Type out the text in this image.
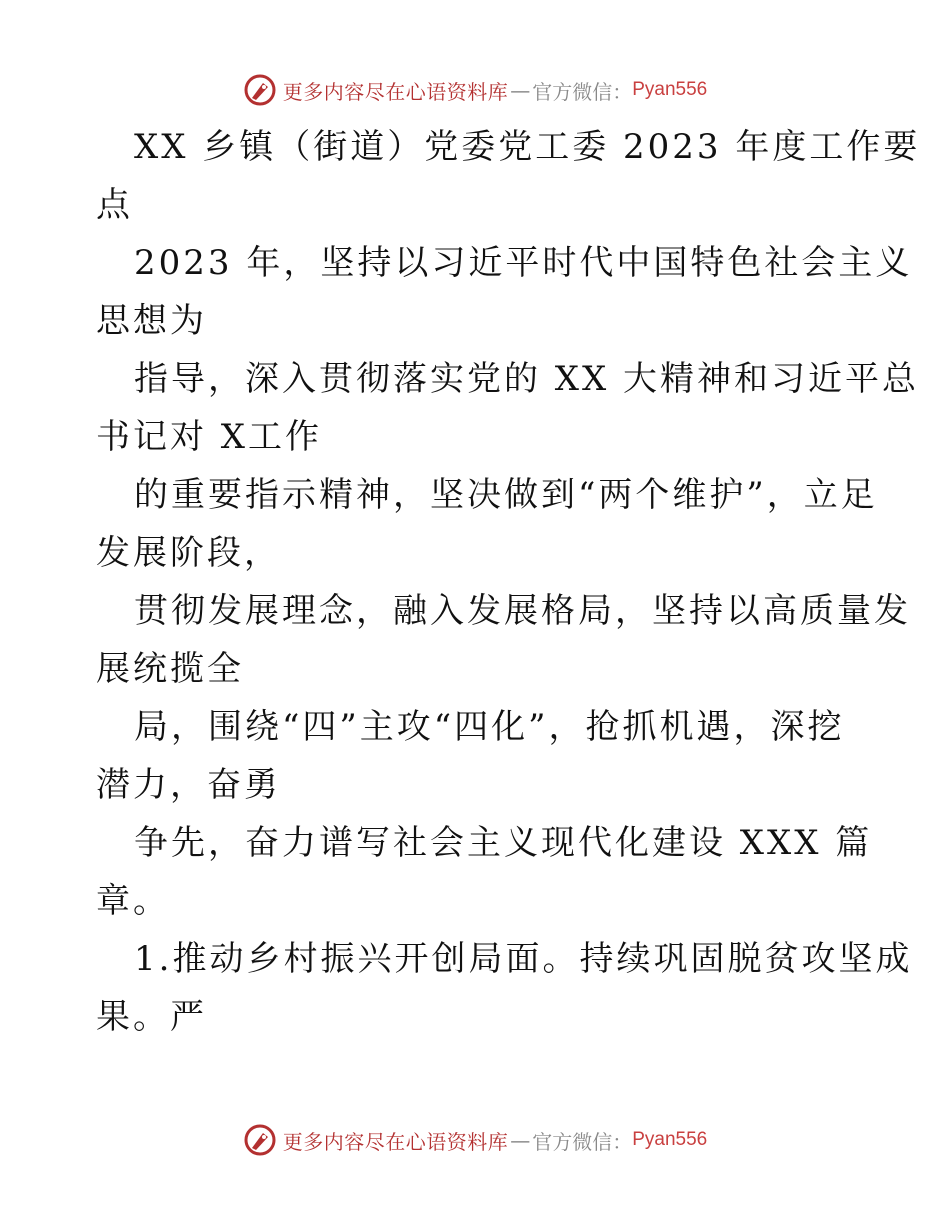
更多内容尽在心语资料库 — 官方微信： Pyan556
XX 乡镇（街道）党委党工委 2023 年度工作要
点
2023 年，坚持以习近平时代中国特色社会主义
思想为
指导，深入贯彻落实党的 XX 大精神和习近平总
书记对 X工作
的重要指示精神，坚决做到“两个维护”，立足
发展阶段，
贯彻发展理念，融入发展格局，坚持以高质量发
展统揽全
局，围绕“四”主攻“四化”，抢抓机遇，深挖
潜力，奋勇
争先，奋力谱写社会主义现代化建设 XXX 篇
章。
1.推动乡村振兴开创局面。持续巩固脱贫攻坚成
果。严
更多内容尽在心语资料库 — 官方微信： Pyan556
